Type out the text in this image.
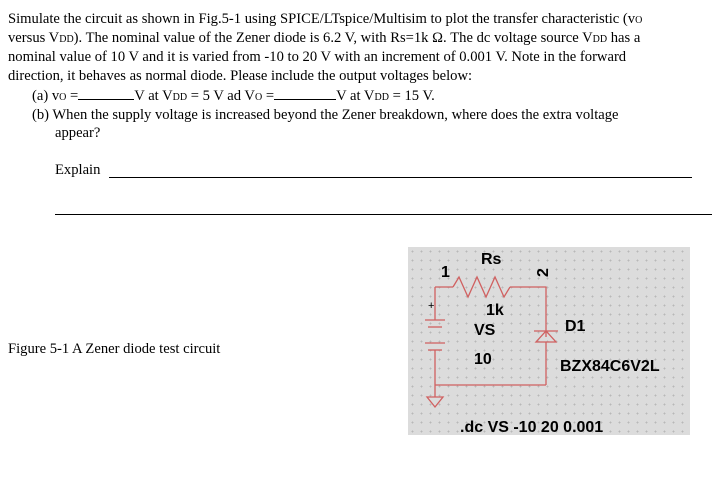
Simulate the circuit as shown in Fig.5-1 using SPICE/LTspice/Multisim to plot the transfer characteristic (vO
versus VDD). The nominal value of the Zener diode is 6.2 V, with Rs=1k Ω. The dc voltage source VDD has a
nominal value of 10 V and it is varied from -10 to 20 V with an increment of 0.001 V. Note in the forward
direction, it behaves as normal diode. Please include the output voltages below:
(a) vO =	V at VDD = 5 V ad VO =	V at VDD = 15 V.
(b) When the supply voltage is increased beyond the Zener breakdown, where does the extra voltage
appear?
Explain
Figure 5-1 A Zener diode test circuit
Rs
1	2
1k
VS
10
+
D1
BZX84C6V2L
.dc VS -10 20 0.001
